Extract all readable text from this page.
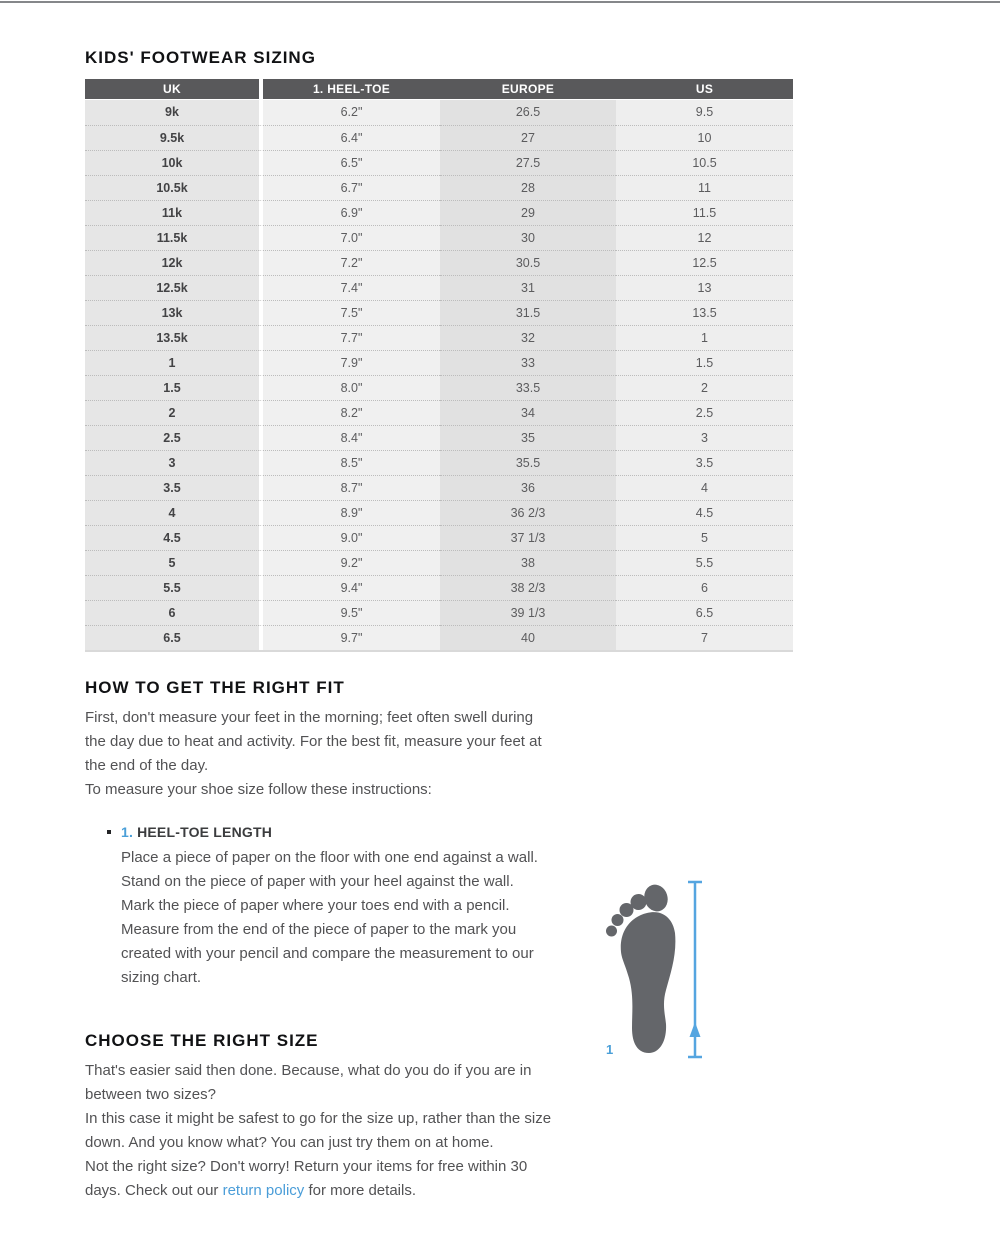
KIDS' FOOTWEAR SIZING
UK	1. HEEL-TOE	EUROPE	US
9k	6.2"	26.5	9.5
9.5k	6.4"	27	10
10k	6.5"	27.5	10.5
10.5k	6.7"	28	11
11k	6.9"	29	11.5
11.5k	7.0"	30	12
12k	7.2"	30.5	12.5
12.5k	7.4"	31	13
13k	7.5"	31.5	13.5
13.5k	7.7"	32	1
1	7.9"	33	1.5
1.5	8.0"	33.5	2
2	8.2"	34	2.5
2.5	8.4"	35	3
3	8.5"	35.5	3.5
3.5	8.7"	36	4
4	8.9"	36 2/3	4.5
4.5	9.0"	37 1/3	5
5	9.2"	38	5.5
5.5	9.4"	38 2/3	6
6	9.5"	39 1/3	6.5
6.5	9.7"	40	7
HOW TO GET THE RIGHT FIT
First, don't measure your feet in the morning; feet often swell during
the day due to heat and activity. For the best fit, measure your feet at
the end of the day.
To measure your shoe size follow these instructions:
1. HEEL-TOE LENGTH
Place a piece of paper on the floor with one end against a wall.
Stand on the piece of paper with your heel against the wall.
Mark the piece of paper where your toes end with a pencil.
Measure from the end of the piece of paper to the mark you
created with your pencil and compare the measurement to our
sizing chart.
CHOOSE THE RIGHT SIZE
That's easier said then done. Because, what do you do if you are in
between two sizes?
In this case it might be safest to go for the size up, rather than the size
down. And you know what? You can just try them on at home.
Not the right size? Don't worry! Return your items for free within 30
days. Check out our return policy for more details.
1
